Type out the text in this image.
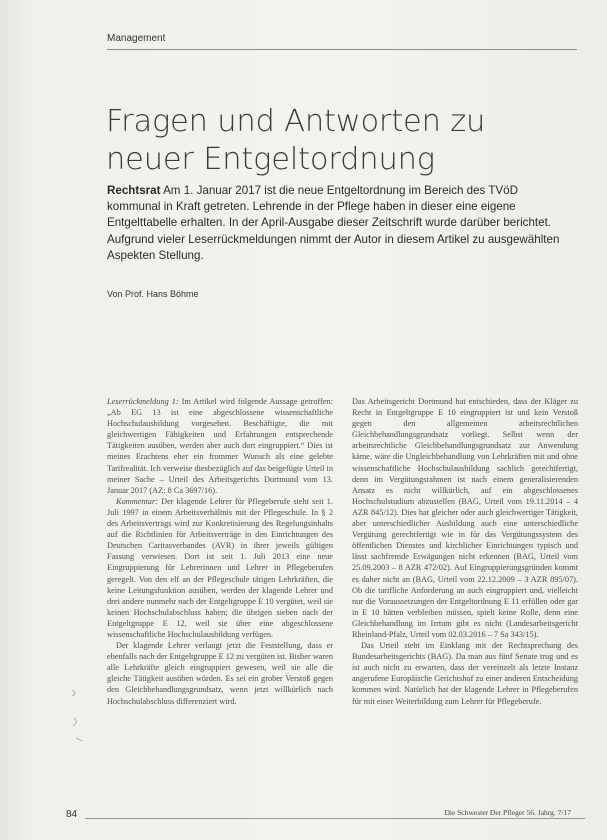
Management
Fragen und Antworten zu neuer Entgeltordnung

Rechtsrat Am 1. Januar 2017 ist die neue Entgeltordnung im Bereich des TVöD kommunal in Kraft getreten. Lehrende in der Pflege haben in dieser eine eigene Entgelttabelle erhalten. In der April-Ausgabe dieser Zeitschrift wurde darüber berichtet. Aufgrund vieler Leserrückmeldungen nimmt der Autor in diesem Artikel zu ausgewählten Aspekten Stellung.

Von Prof. Hans Böhme

Leserrückmeldung 1: Im Artikel wird folgende Aussage getroffen: „Ab EG 13 ist eine abgeschlossene wissenschaftliche Hochschulausbildung vorgesehen. Beschäftigte, die mit gleichwertigen Fähigkeiten und Erfahrungen entsprechende Tätigkeiten ausüben, werden aber auch dort eingruppiert.“ Dies ist meines Erachtens eher ein frommer Wunsch als eine gelebte Tarifrealität. Ich verweise diesbezüglich auf das beigefügte Urteil in meiner Sache – Urteil des Arbeitsgerichts Dortmund vom 13. Januar 2017 (AZ: 8 Ca 3697/16).

Kommentar: Der klagende Lehrer für Pflegeberufe steht seit 1. Juli 1997 in einem Arbeitsverhältnis mit der Pflegeschule. In § 2 des Arbeitsvertrags wird zur Konkretisierung des Regelungsinhalts auf die Richtlinien für Arbeitsverträge in den Einrichtungen des Deutschen Caritasverbandes (AVR) in ihrer jeweils gültigen Fassung verwiesen. Dort ist seit 1. Juli 2013 eine neue Eingruppierung für Lehrerinnen und Lehrer in Pflegeberufen geregelt. Von den elf an der Pflegeschule tätigen Lehrkräften, die keine Leitungsfunktion ausüben, werden der klagende Lehrer und drei andere nunmehr nach der Entgeltgruppe E 10 vergütet, weil sie keinen Hochschulabschluss haben; die übrigen sieben nach der Entgeltgruppe E 12, weil sie über eine abgeschlossene wissenschaftliche Hochschulausbildung verfügen.

Der klagende Lehrer verlangt jetzt die Feststellung, dass er ebenfalls nach der Entgeltgruppe E 12 zu vergüten ist. Bisher waren alle Lehrkräfte gleich eingruppiert gewesen, weil sie alle die gleiche Tätigkeit ausüben würden. Es sei ein grober Verstoß gegen den Gleichbehandlungsgrundsatz, wenn jetzt willkürlich nach Hochschulabschluss differenziert wird.

Das Arbeitsgericht Dortmund hat entschieden, dass der Kläger zu Recht in Entgeltgruppe E 10 eingruppiert ist und kein Verstoß gegen den allgemeinen arbeitsrechtlichen Gleichbehandlungsgrundsatz vorliegt. Selbst wenn der arbeitsrechtliche Gleichbehandlungsgrundsatz zur Anwendung käme, wäre die Ungleichbehandlung von Lehrkräften mit und ohne wissenschaftliche Hochschulausbildung sachlich gerechtfertigt, denn im Vergütungsrahmen ist nach einem generalisierenden Ansatz es nicht willkürlich, auf ein abgeschlossenes Hochschulstudium abzustellen (BAG, Urteil vom 19.11.2014 – 4 AZR 845/12). Dies hat gleicher oder auch gleichwertiger Tätigkeit, aber unterschiedlicher Ausbildung auch eine unterschiedliche Vergütung gerechtfertigt wie in für das Vergütungssystem des öffentlichen Dienstes und kirchlicher Einrichtungen typisch und lässt sachfremde Erwägungen nicht erkennen (BAG, Urteil vom 25.09.2003 – 8 AZR 472/02). Auf Eingruppierungsgründen kommt es daher nicht an (BAG, Urteil vom 22.12.2009 – 3 AZR 895/07). Ob die tarifliche Anforderung an auch eingruppiert und, vielleicht nur die Voraussetzungen der Entgeltordnung E 11 erfüllen oder gar in E 10 hätten verbleiben müssen, spielt keine Rolle, denn eine Gleichbehandlung im Irrtum gibt es nicht (Landesarbeitsgericht Rheinland-Pfalz, Urteil vom 02.03.2016 – 7 Sa 343/15).

Das Urteil steht im Einklang mit der Rechtsprechung des Bundesarbeitsgerichts (BAG). Da man aus fünf Senate trug und es ist auch nicht zu erwarten, dass der vereinzelt als letzte Instanz angerufene Europäische Gerichtshof zu einer anderen Entscheidung kommen wird. Natürlich hat der klagende Lehrer in Pflegeberufen für mit einer Weiterbildung zum Lehrer für Pflegeberufe.

84	Die Schwester Der Pfleger 56. Jahrg. 7/17
